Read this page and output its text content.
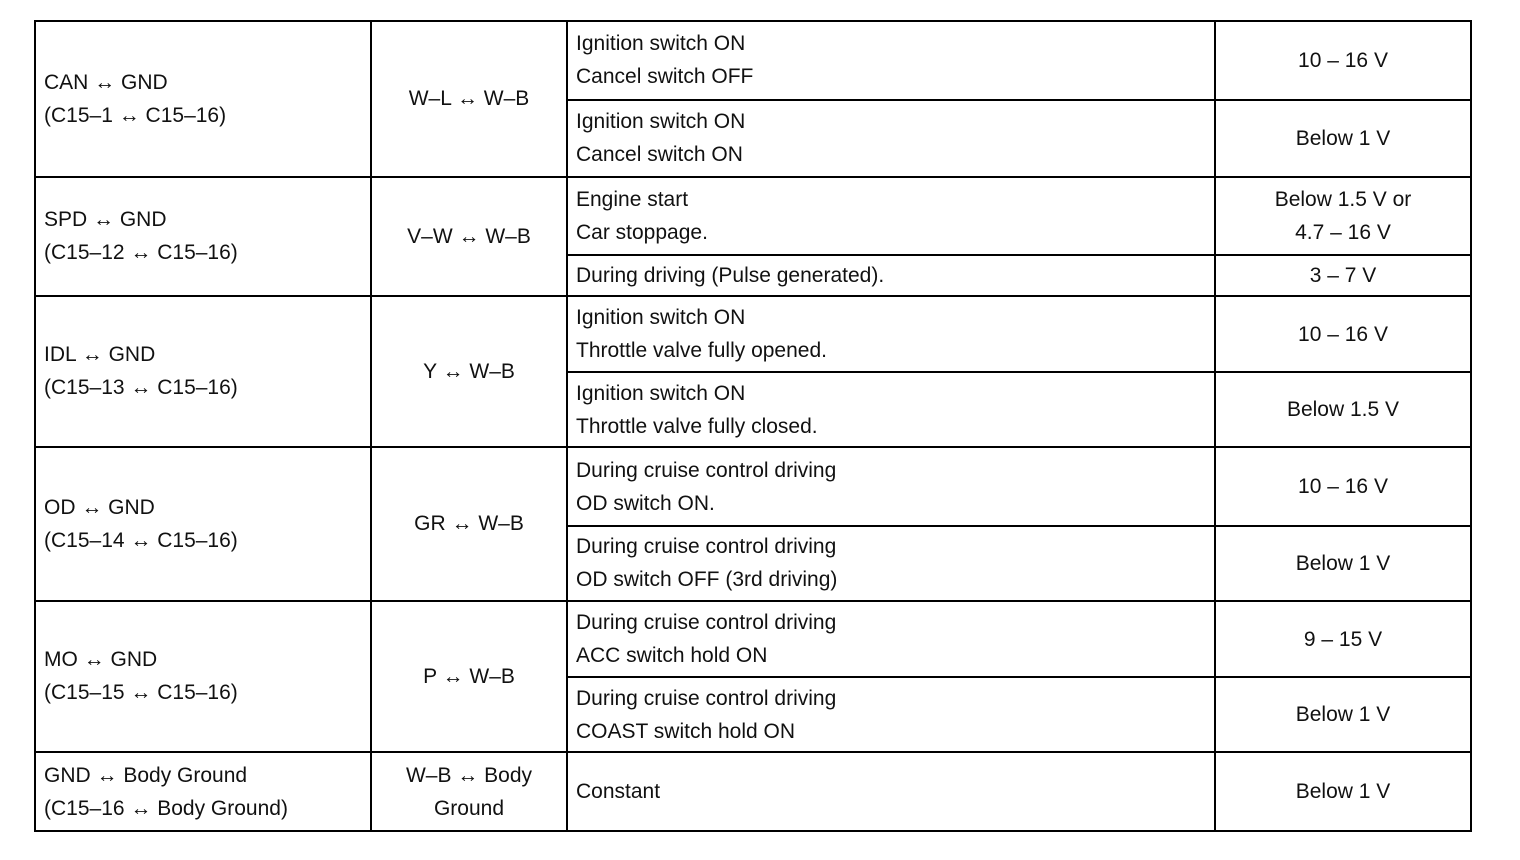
CAN ↔ GND
(C15–1 ↔ C15–16)	W–L ↔ W–B	Ignition switch ON
Cancel switch OFF	10 – 16 V

		Ignition switch ON
Cancel switch ON	Below 1 V

SPD ↔ GND
(C15–12 ↔ C15–16)	V–W ↔ W–B	Engine start
Car stoppage.	Below 1.5 V or
4.7 – 16 V

		During driving (Pulse generated).	3 – 7 V

IDL ↔ GND
(C15–13 ↔ C15–16)	Y ↔ W–B	Ignition switch ON
Throttle valve fully opened.	10 – 16 V

		Ignition switch ON
Throttle valve fully closed.	Below 1.5 V

OD ↔ GND
(C15–14 ↔ C15–16)	GR ↔ W–B	During cruise control driving
OD switch ON.	10 – 16 V

		During cruise control driving
OD switch OFF (3rd driving)	Below 1 V

MO ↔ GND
(C15–15 ↔ C15–16)	P ↔ W–B	During cruise control driving
ACC switch hold ON	9 – 15 V

		During cruise control driving
COAST switch hold ON	Below 1 V

GND ↔ Body Ground
(C15–16 ↔ Body Ground)	W–B ↔ Body
Ground	Constant	Below 1 V
